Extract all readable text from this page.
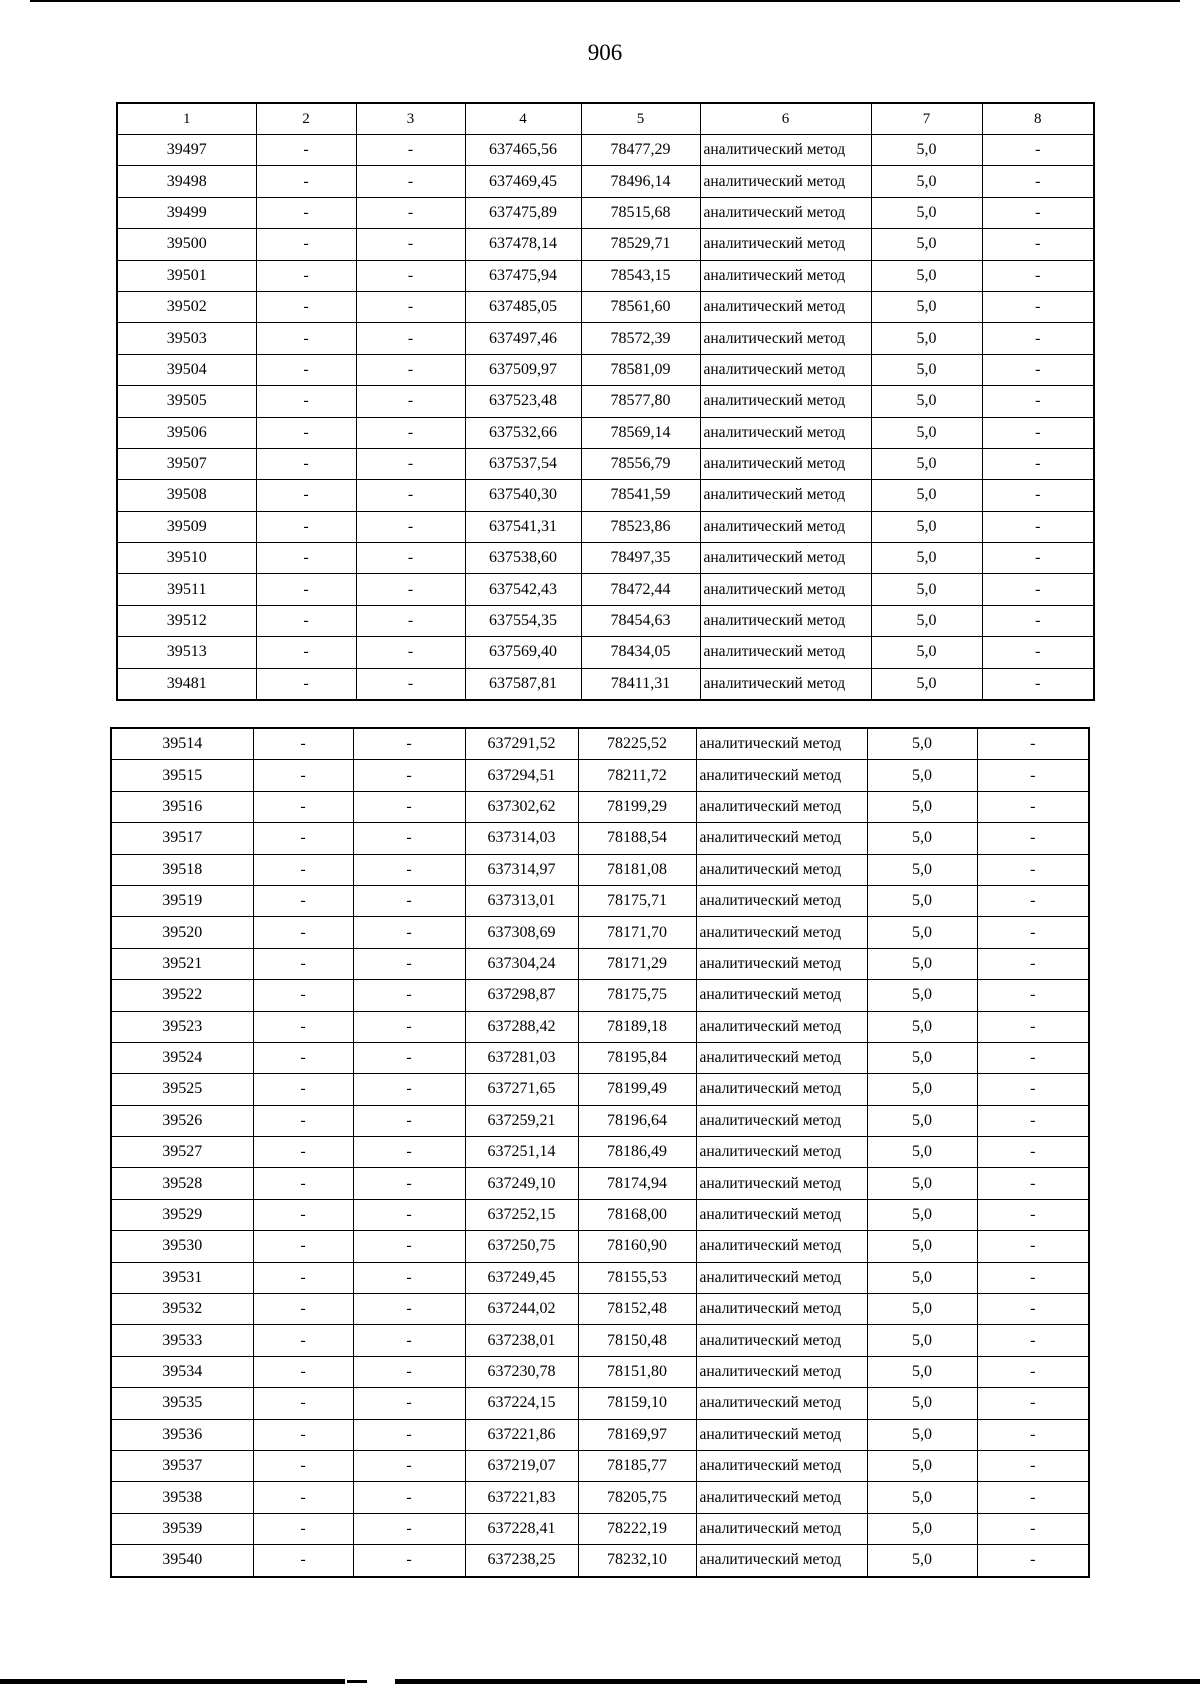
906
1	2	3	4	5	6	7	8
39497	-	-	637465,56	78477,29	аналитический метод	5,0	-
39498	-	-	637469,45	78496,14	аналитический метод	5,0	-
39499	-	-	637475,89	78515,68	аналитический метод	5,0	-
39500	-	-	637478,14	78529,71	аналитический метод	5,0	-
39501	-	-	637475,94	78543,15	аналитический метод	5,0	-
39502	-	-	637485,05	78561,60	аналитический метод	5,0	-
39503	-	-	637497,46	78572,39	аналитический метод	5,0	-
39504	-	-	637509,97	78581,09	аналитический метод	5,0	-
39505	-	-	637523,48	78577,80	аналитический метод	5,0	-
39506	-	-	637532,66	78569,14	аналитический метод	5,0	-
39507	-	-	637537,54	78556,79	аналитический метод	5,0	-
39508	-	-	637540,30	78541,59	аналитический метод	5,0	-
39509	-	-	637541,31	78523,86	аналитический метод	5,0	-
39510	-	-	637538,60	78497,35	аналитический метод	5,0	-
39511	-	-	637542,43	78472,44	аналитический метод	5,0	-
39512	-	-	637554,35	78454,63	аналитический метод	5,0	-
39513	-	-	637569,40	78434,05	аналитический метод	5,0	-
39481	-	-	637587,81	78411,31	аналитический метод	5,0	-
39514	-	-	637291,52	78225,52	аналитический метод	5,0	-
39515	-	-	637294,51	78211,72	аналитический метод	5,0	-
39516	-	-	637302,62	78199,29	аналитический метод	5,0	-
39517	-	-	637314,03	78188,54	аналитический метод	5,0	-
39518	-	-	637314,97	78181,08	аналитический метод	5,0	-
39519	-	-	637313,01	78175,71	аналитический метод	5,0	-
39520	-	-	637308,69	78171,70	аналитический метод	5,0	-
39521	-	-	637304,24	78171,29	аналитический метод	5,0	-
39522	-	-	637298,87	78175,75	аналитический метод	5,0	-
39523	-	-	637288,42	78189,18	аналитический метод	5,0	-
39524	-	-	637281,03	78195,84	аналитический метод	5,0	-
39525	-	-	637271,65	78199,49	аналитический метод	5,0	-
39526	-	-	637259,21	78196,64	аналитический метод	5,0	-
39527	-	-	637251,14	78186,49	аналитический метод	5,0	-
39528	-	-	637249,10	78174,94	аналитический метод	5,0	-
39529	-	-	637252,15	78168,00	аналитический метод	5,0	-
39530	-	-	637250,75	78160,90	аналитический метод	5,0	-
39531	-	-	637249,45	78155,53	аналитический метод	5,0	-
39532	-	-	637244,02	78152,48	аналитический метод	5,0	-
39533	-	-	637238,01	78150,48	аналитический метод	5,0	-
39534	-	-	637230,78	78151,80	аналитический метод	5,0	-
39535	-	-	637224,15	78159,10	аналитический метод	5,0	-
39536	-	-	637221,86	78169,97	аналитический метод	5,0	-
39537	-	-	637219,07	78185,77	аналитический метод	5,0	-
39538	-	-	637221,83	78205,75	аналитический метод	5,0	-
39539	-	-	637228,41	78222,19	аналитический метод	5,0	-
39540	-	-	637238,25	78232,10	аналитический метод	5,0	-
